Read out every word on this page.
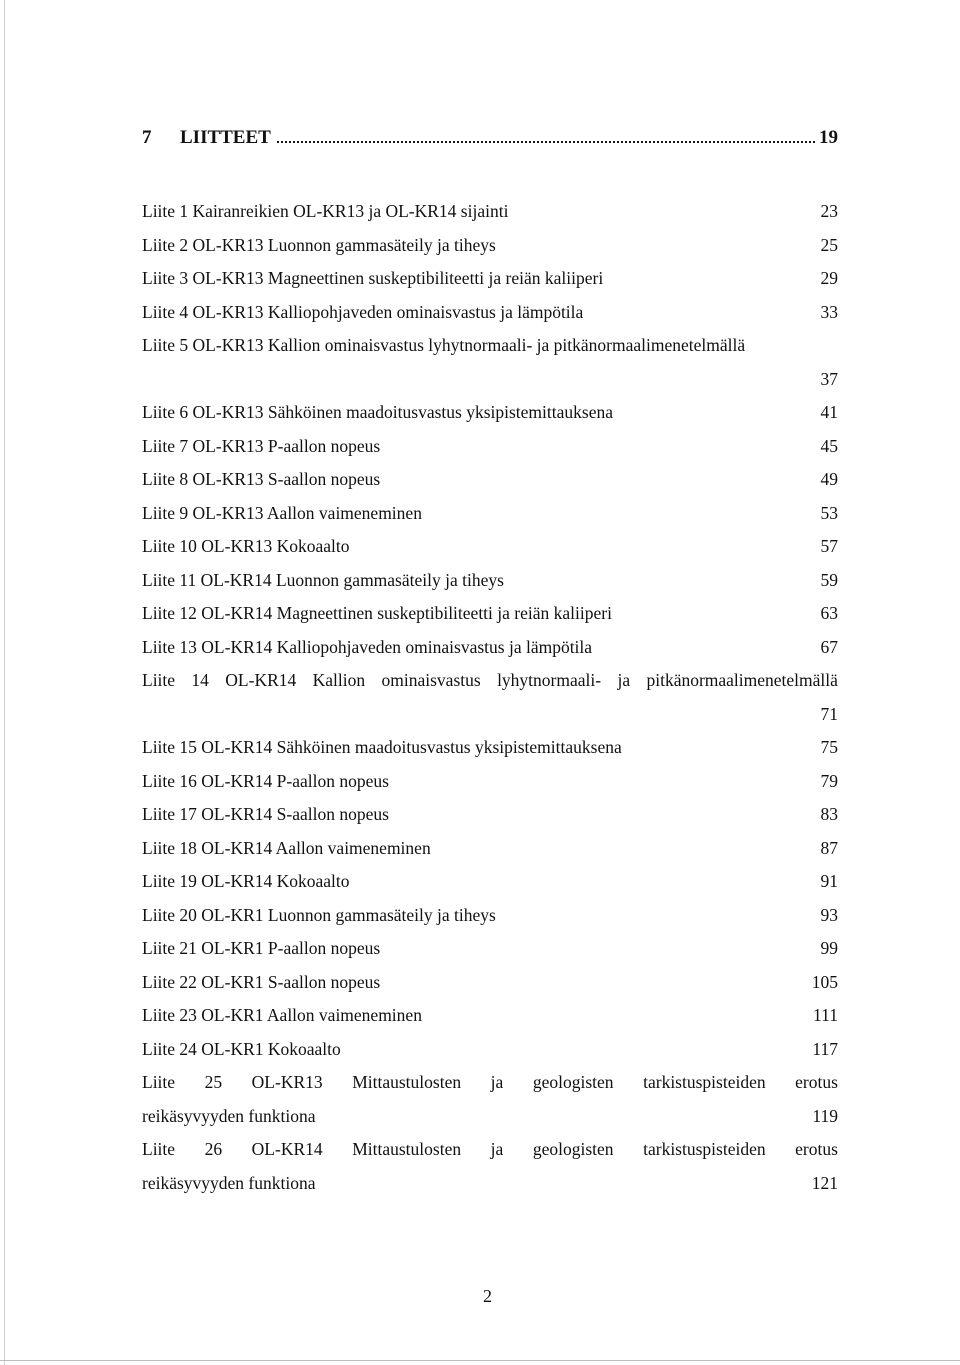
7	LIITTEET	19
Liite 1 Kairanreikien OL-KR13 ja OL-KR14 sijainti	23
Liite 2 OL-KR13 Luonnon gammasäteily ja tiheys	25
Liite 3 OL-KR13 Magneettinen suskeptibiliteetti ja reiän kaliiperi	29
Liite 4 OL-KR13 Kalliopohjaveden ominaisvastus ja lämpötila	33
Liite 5 OL-KR13 Kallion ominaisvastus lyhytnormaali- ja pitkänormaalimenetelmällä
37
Liite 6 OL-KR13 Sähköinen maadoitusvastus yksipistemittauksena	41
Liite 7 OL-KR13 P-aallon nopeus	45
Liite 8 OL-KR13 S-aallon nopeus	49
Liite 9 OL-KR13 Aallon vaimeneminen	53
Liite 10 OL-KR13 Kokoaalto	57
Liite 11 OL-KR14 Luonnon gammasäteily ja tiheys	59
Liite 12 OL-KR14 Magneettinen suskeptibiliteetti ja reiän kaliiperi	63
Liite 13 OL-KR14 Kalliopohjaveden ominaisvastus ja lämpötila	67
Liite 14 OL-KR14 Kallion ominaisvastus lyhytnormaali- ja pitkänormaalimenetelmällä
71
Liite 15 OL-KR14 Sähköinen maadoitusvastus yksipistemittauksena	75
Liite 16 OL-KR14 P-aallon nopeus	79
Liite 17 OL-KR14 S-aallon nopeus	83
Liite 18 OL-KR14 Aallon vaimeneminen	87
Liite 19 OL-KR14 Kokoaalto	91
Liite 20 OL-KR1 Luonnon gammasäteily ja tiheys	93
Liite 21 OL-KR1 P-aallon nopeus	99
Liite 22 OL-KR1 S-aallon nopeus	105
Liite 23 OL-KR1 Aallon vaimeneminen	111
Liite 24 OL-KR1 Kokoaalto	117
Liite 25 OL-KR13 Mittaustulosten ja geologisten tarkistuspisteiden erotus
reikäsyvyyden funktiona	119
Liite 26 OL-KR14 Mittaustulosten ja geologisten tarkistuspisteiden erotus
reikäsyvyyden funktiona	121
2
